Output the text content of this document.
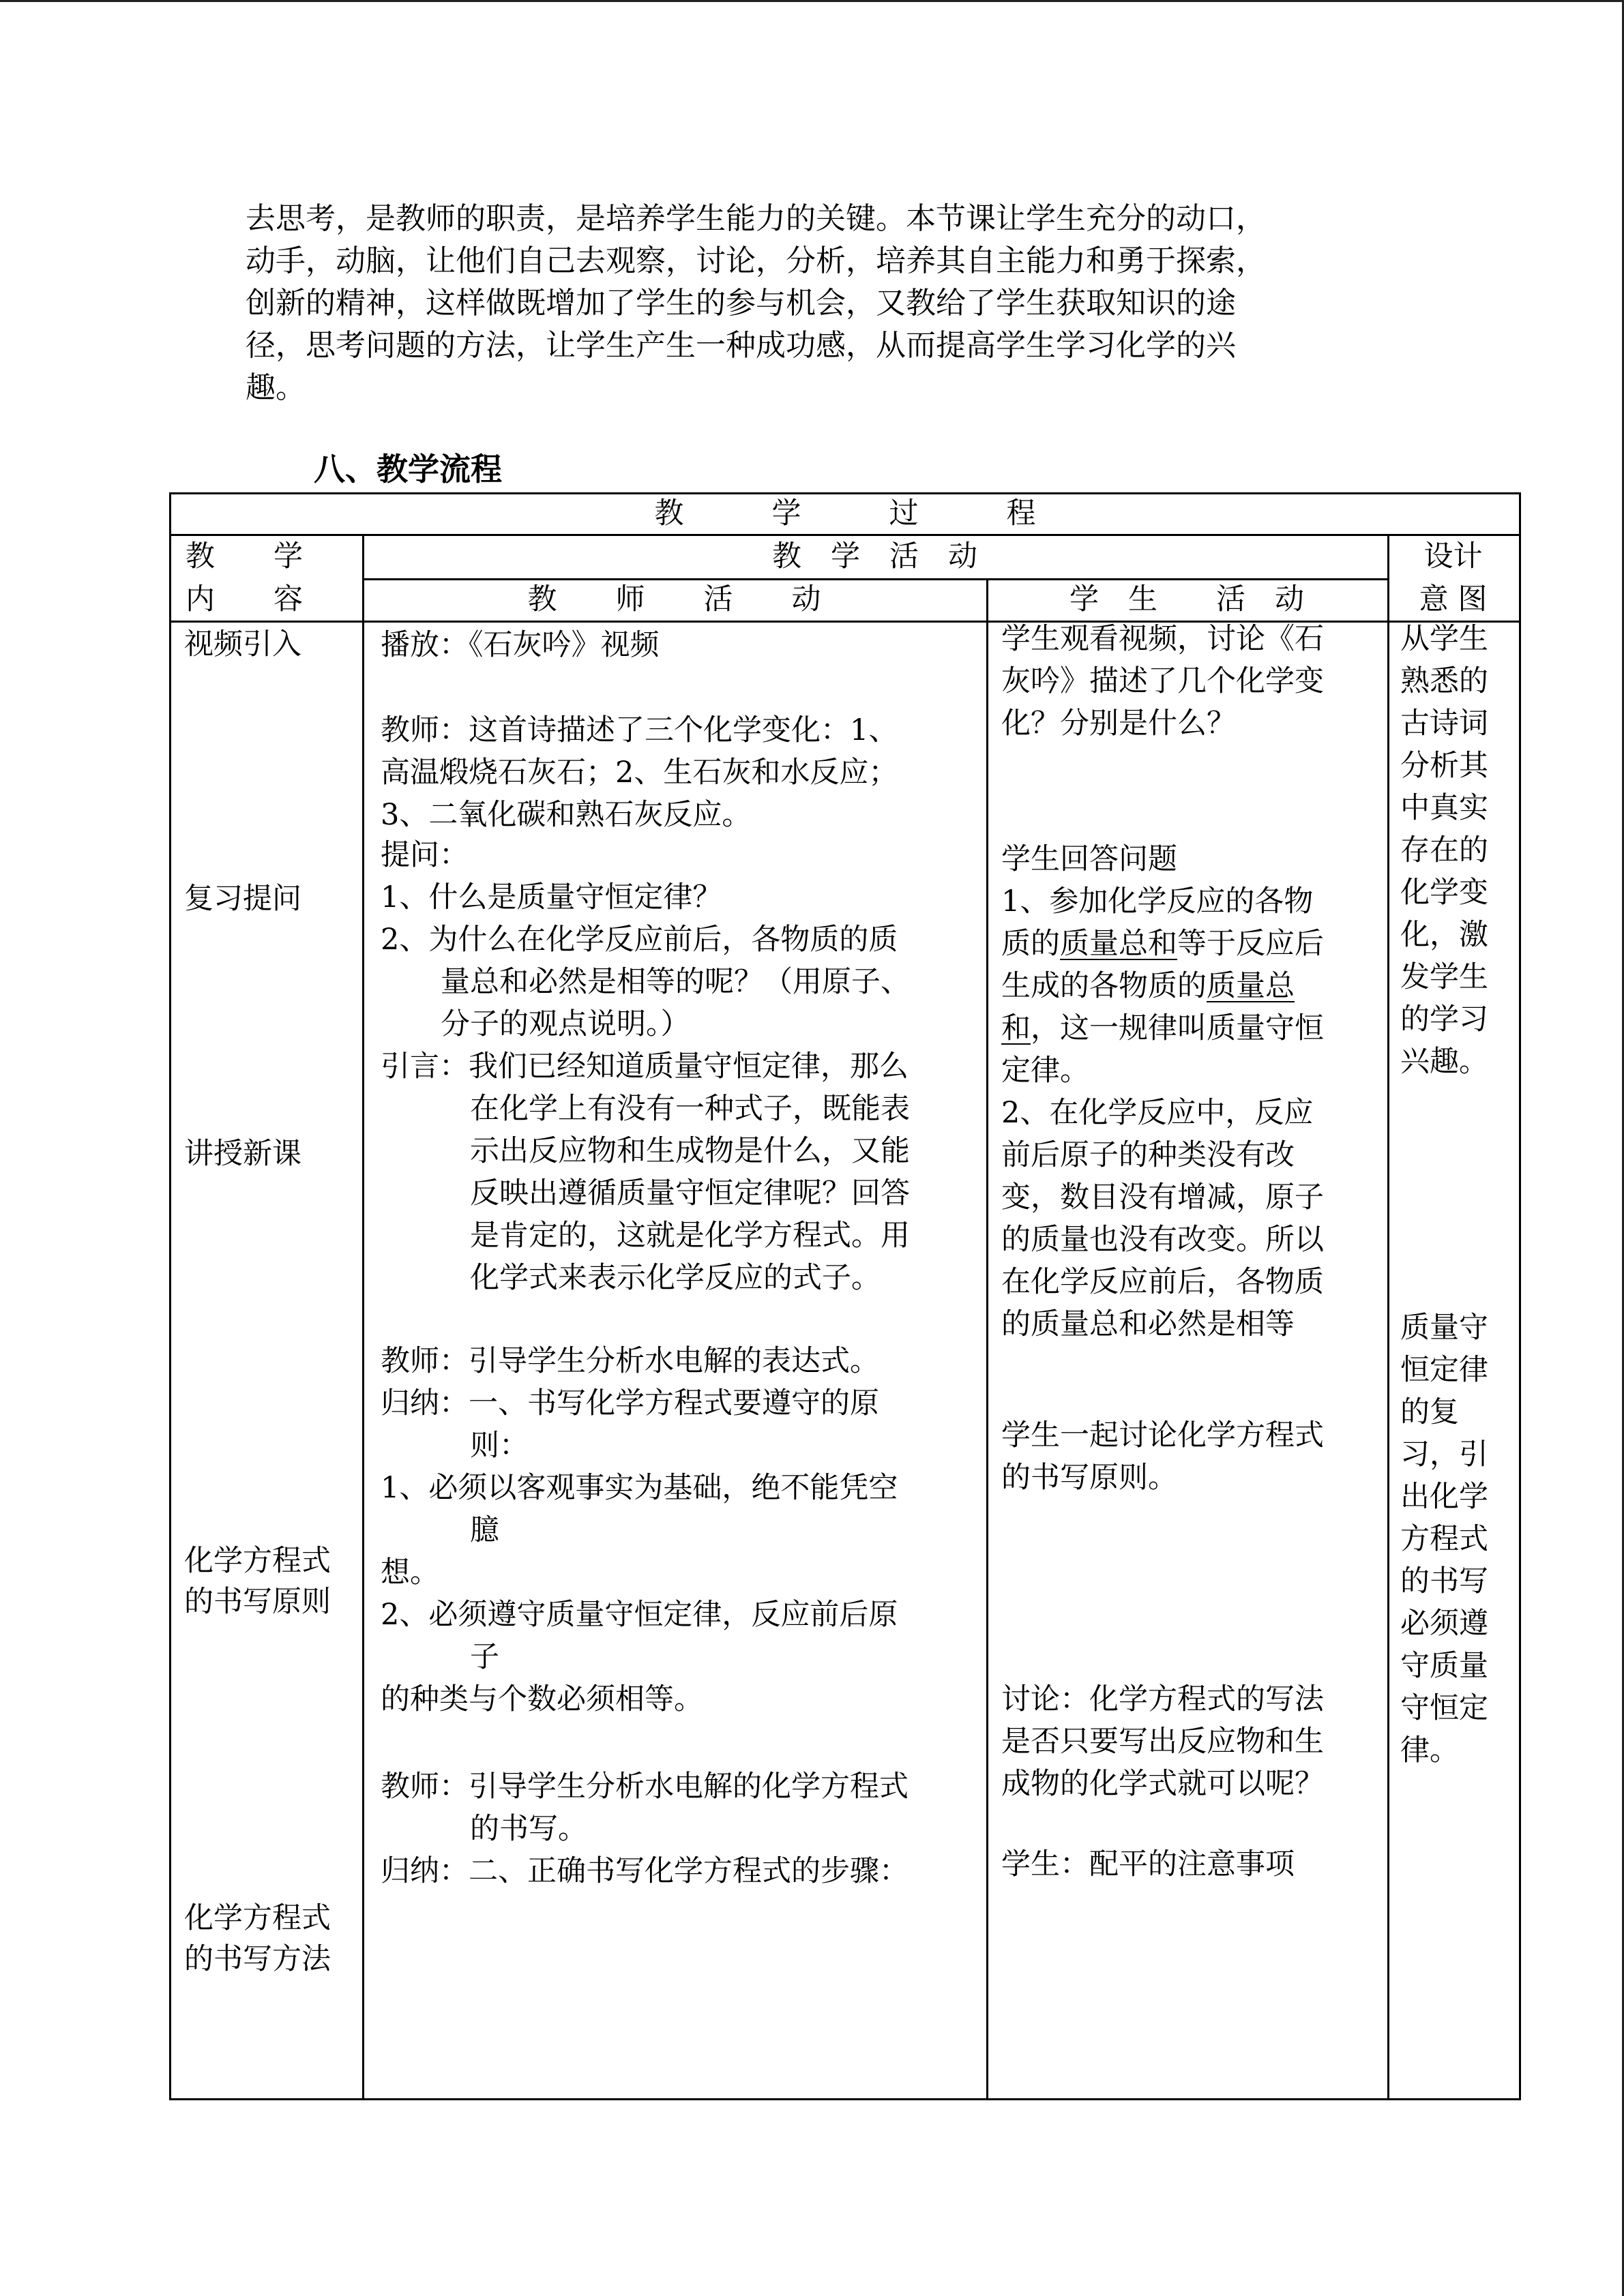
去思考，是教师的职责，是培养学生能力的关键。本节课让学生充分的动口，
动手，动脑，让他们自己去观察，讨论，分析，培养其自主能力和勇于探索，
创新的精神，这样做既增加了学生的参与机会，又教给了学生获取知识的途
径，思考问题的方法，让学生产生一种成功感，从而提高学生学习化学的兴
趣。
八、教学流程
教　　　学　　　过　　　程
教　　学
内　　容
教　学　活　动
教　　师　　活　　动	学　生　　活　动
设计
意 图
视频引入
复习提问
讲授新课
化学方程式
的书写原则
化学方程式
的书写方法
播放：《石灰吟》视频
教师：这首诗描述了三个化学变化：1、
高温煅烧石灰石；2、生石灰和水反应；
3、二氧化碳和熟石灰反应。
提问：
1、什么是质量守恒定律？
2、为什么在化学反应前后，各物质的质
量总和必然是相等的呢？（用原子、
分子的观点说明。）
引言：我们已经知道质量守恒定律，那么
在化学上有没有一种式子，既能表
示出反应物和生成物是什么，又能
反映出遵循质量守恒定律呢？回答
是肯定的，这就是化学方程式。用
化学式来表示化学反应的式子。
教师：引导学生分析水电解的表达式。
归纳：一、书写化学方程式要遵守的原
则：
1、必须以客观事实为基础，绝不能凭空
臆
想。
2、必须遵守质量守恒定律，反应前后原
子
的种类与个数必须相等。
教师：引导学生分析水电解的化学方程式
的书写。
归纳：二、正确书写化学方程式的步骤：
学生观看视频，讨论《石
灰吟》描述了几个化学变
化？分别是什么？
学生回答问题
1、参加化学反应的各物
质的质量总和等于反应后
生成的各物质的质量总
和，这一规律叫质量守恒
定律。
2、在化学反应中，反应
前后原子的种类没有改
变，数目没有增减，原子
的质量也没有改变。所以
在化学反应前后，各物质
的质量总和必然是相等
学生一起讨论化学方程式
的书写原则。
讨论：化学方程式的写法
是否只要写出反应物和生
成物的化学式就可以呢？
学生：配平的注意事项
从学生
熟悉的
古诗词
分析其
中真实
存在的
化学变
化，激
发学生
的学习
兴趣。
质量守
恒定律
的复
习，引
出化学
方程式
的书写
必须遵
守质量
守恒定
律。
